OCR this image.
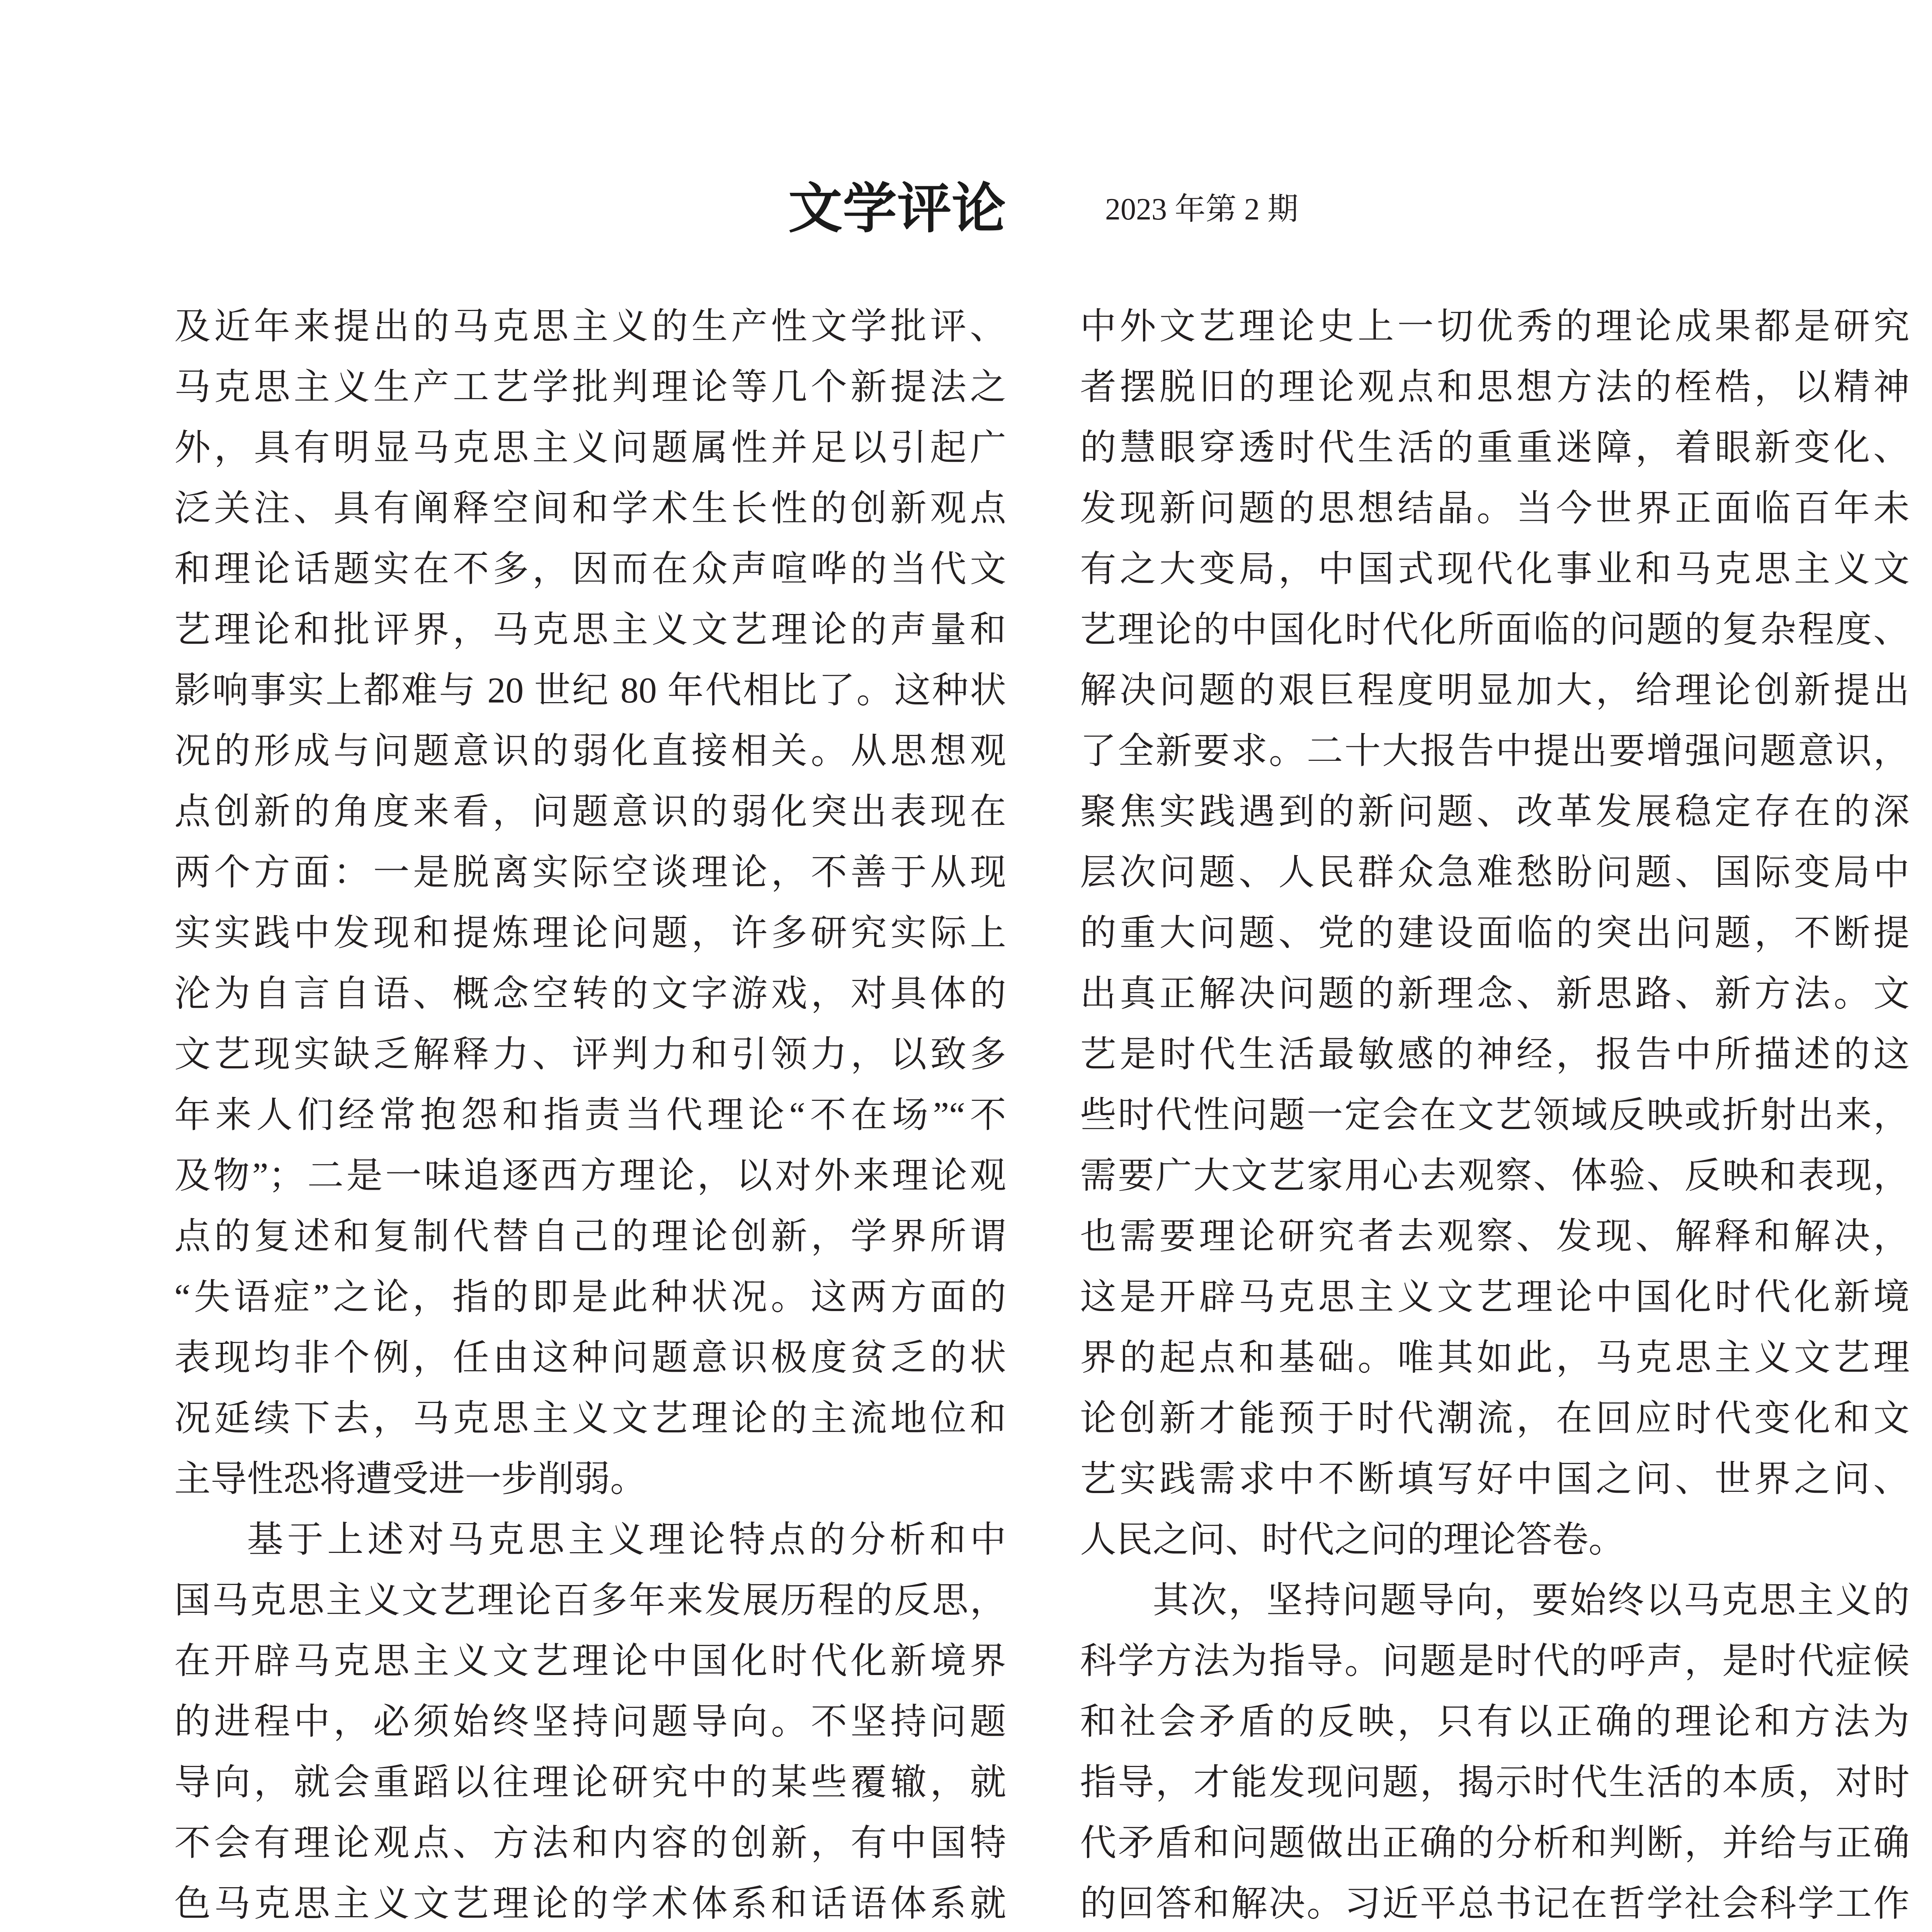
文学评论	2023 年第 2 期
及近年来提出的马克思主义的生产性文学批评、
马克思主义生产工艺学批判理论等几个新提法之
外，具有明显马克思主义问题属性并足以引起广
泛关注、具有阐释空间和学术生长性的创新观点
和理论话题实在不多，因而在众声喧哗的当代文
艺理论和批评界，马克思主义文艺理论的声量和
影响事实上都难与 20 世纪 80 年代相比了。这种状
况的形成与问题意识的弱化直接相关。从思想观
点创新的角度来看，问题意识的弱化突出表现在
两个方面：一是脱离实际空谈理论，不善于从现
实实践中发现和提炼理论问题，许多研究实际上
沦为自言自语、概念空转的文字游戏，对具体的
文艺现实缺乏解释力、评判力和引领力，以致多
年来人们经常抱怨和指责当代理论“不在场”“不
及物”；二是一味追逐西方理论，以对外来理论观
点的复述和复制代替自己的理论创新，学界所谓
“失语症”之论，指的即是此种状况。这两方面的
表现均非个例，任由这种问题意识极度贫乏的状
况延续下去，马克思主义文艺理论的主流地位和
主导性恐将遭受进一步削弱。
基于上述对马克思主义理论特点的分析和中
国马克思主义文艺理论百多年来发展历程的反思，
在开辟马克思主义文艺理论中国化时代化新境界
的进程中，必须始终坚持问题导向。不坚持问题
导向，就会重蹈以往理论研究中的某些覆辙，就
不会有理论观点、方法和内容的创新，有中国特
色马克思主义文艺理论的学术体系和话语体系就
中外文艺理论史上一切优秀的理论成果都是研究
者摆脱旧的理论观点和思想方法的桎梏，以精神
的慧眼穿透时代生活的重重迷障，着眼新变化、
发现新问题的思想结晶。当今世界正面临百年未
有之大变局，中国式现代化事业和马克思主义文
艺理论的中国化时代化所面临的问题的复杂程度、
解决问题的艰巨程度明显加大，给理论创新提出
了全新要求。二十大报告中提出要增强问题意识，
聚焦实践遇到的新问题、改革发展稳定存在的深
层次问题、人民群众急难愁盼问题、国际变局中
的重大问题、党的建设面临的突出问题，不断提
出真正解决问题的新理念、新思路、新方法。文
艺是时代生活最敏感的神经，报告中所描述的这
些时代性问题一定会在文艺领域反映或折射出来，
需要广大文艺家用心去观察、体验、反映和表现，
也需要理论研究者去观察、发现、解释和解决，
这是开辟马克思主义文艺理论中国化时代化新境
界的起点和基础。唯其如此，马克思主义文艺理
论创新才能预于时代潮流，在回应时代变化和文
艺实践需求中不断填写好中国之问、世界之问、
人民之问、时代之问的理论答卷。
其次，坚持问题导向，要始终以马克思主义的
科学方法为指导。问题是时代的呼声，是时代症候
和社会矛盾的反映，只有以正确的理论和方法为
指导，才能发现问题，揭示时代生活的本质，对时
代矛盾和问题做出正确的分析和判断，并给与正确
的回答和解决。习近平总书记在哲学社会科学工作
